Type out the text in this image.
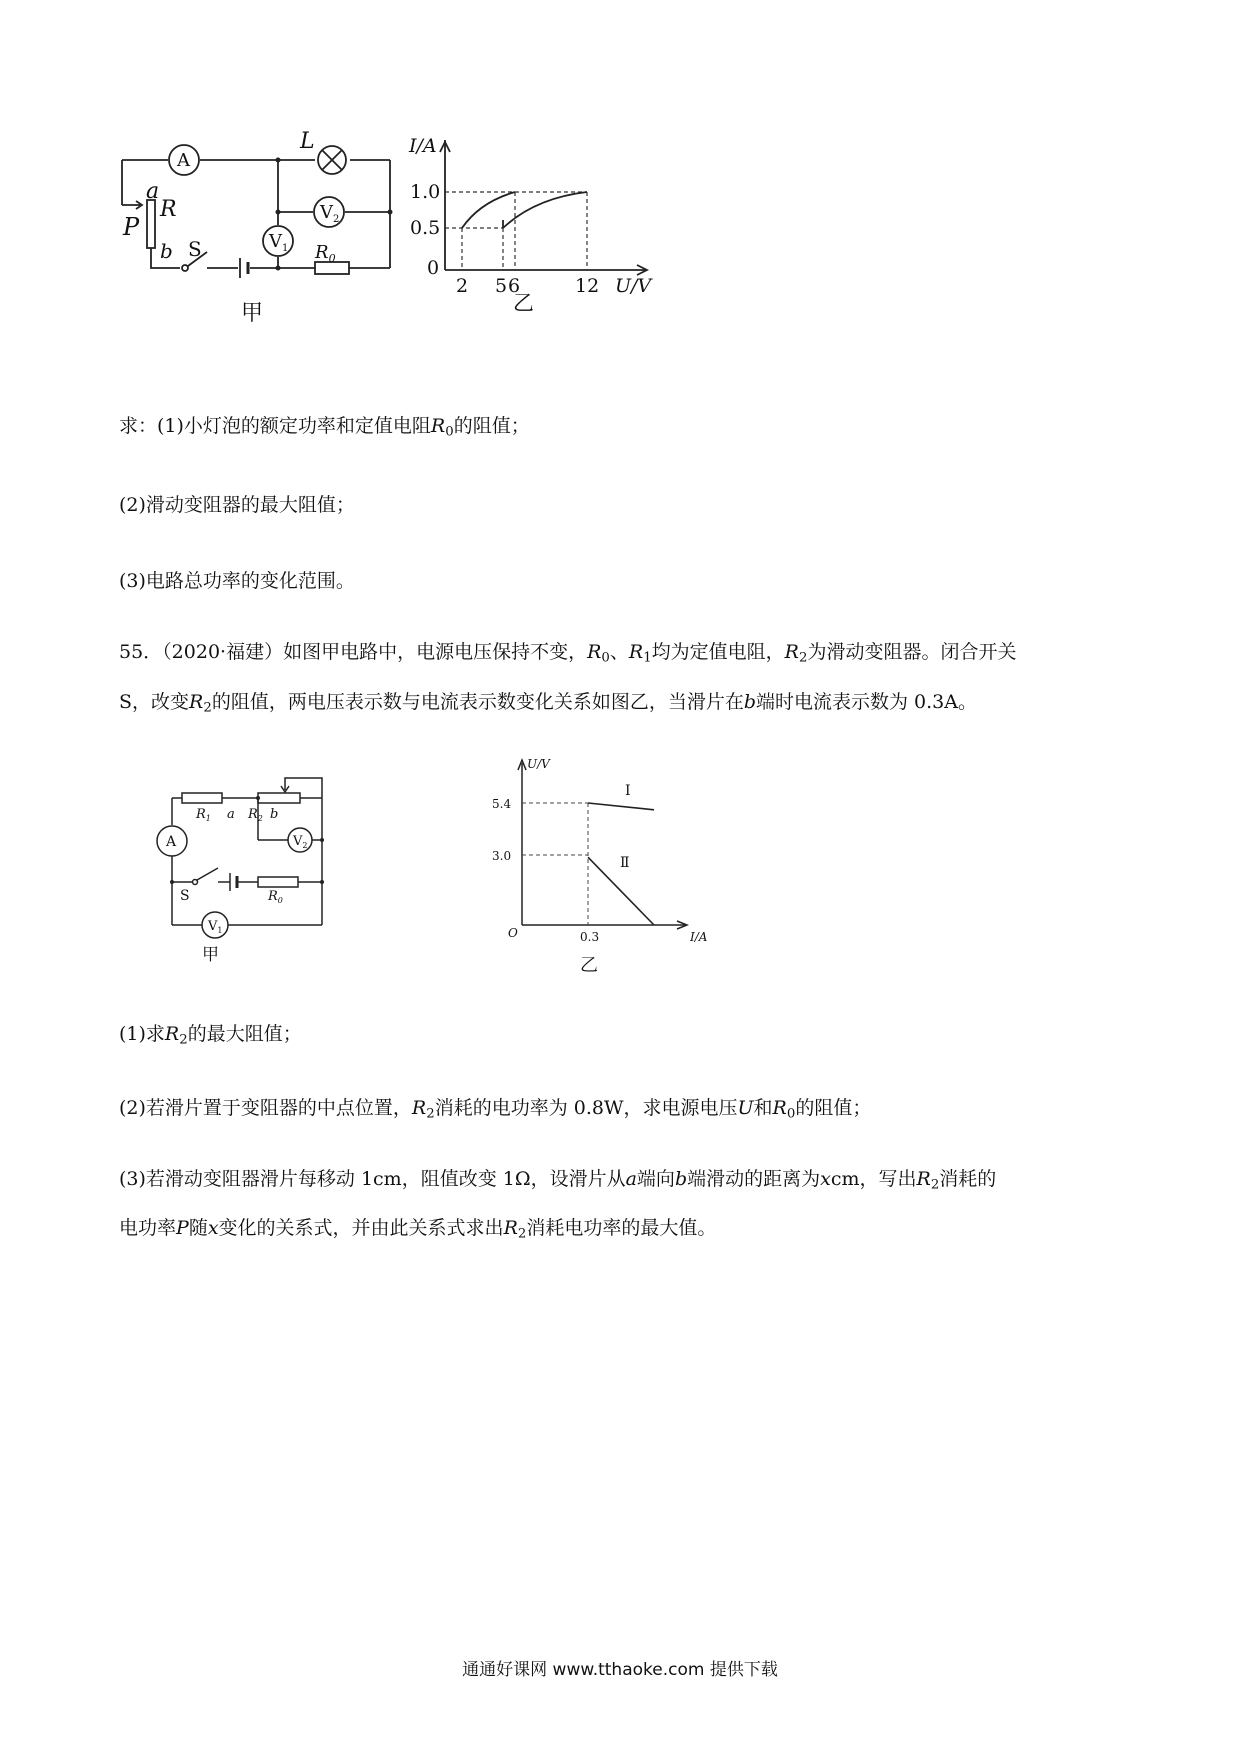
A
$V_2$
$V_1$
L
a
R
P
b S	$R_0$
甲
I/A
1.0
0.5
0
2 5 6	12 U/V
乙
求：(1)小灯泡的额定功率和定值电阻$R_0$的阻值；
(2)滑动变阻器的最大阻值；
(3)电路总功率的变化范围。
55．（2020·福建）如图甲电路中，电源电压保持不变，$R_0$、$R_1$均为定值电阻，$R_2$为滑动变阻器。闭合开关
S，改变$R_2$的阻值，两电压表示数与电流表示数变化关系如图乙，当滑片在b端时电流表示数为 0.3A。
$R_1$ a $R_2$ b
A	$V_2$
S	$R_0$
$V_1$
甲
U/V
5.4
3.0
O	0.3	I/A
I
Ⅱ
乙
(1)求$R_2$的最大阻值；
(2)若滑片置于变阻器的中点位置，$R_2$消耗的电功率为 0.8W，求电源电压U和$R_0$的阻值；
(3)若滑动变阻器滑片每移动 1cm，阻值改变 1Ω，设滑片从a端向b端滑动的距离为xcm，写出$R_2$消耗的
电功率P随x变化的关系式，并由此关系式求出$R_2$消耗电功率的最大值。
通通好课网 www.tthaoke.com 提供下载
